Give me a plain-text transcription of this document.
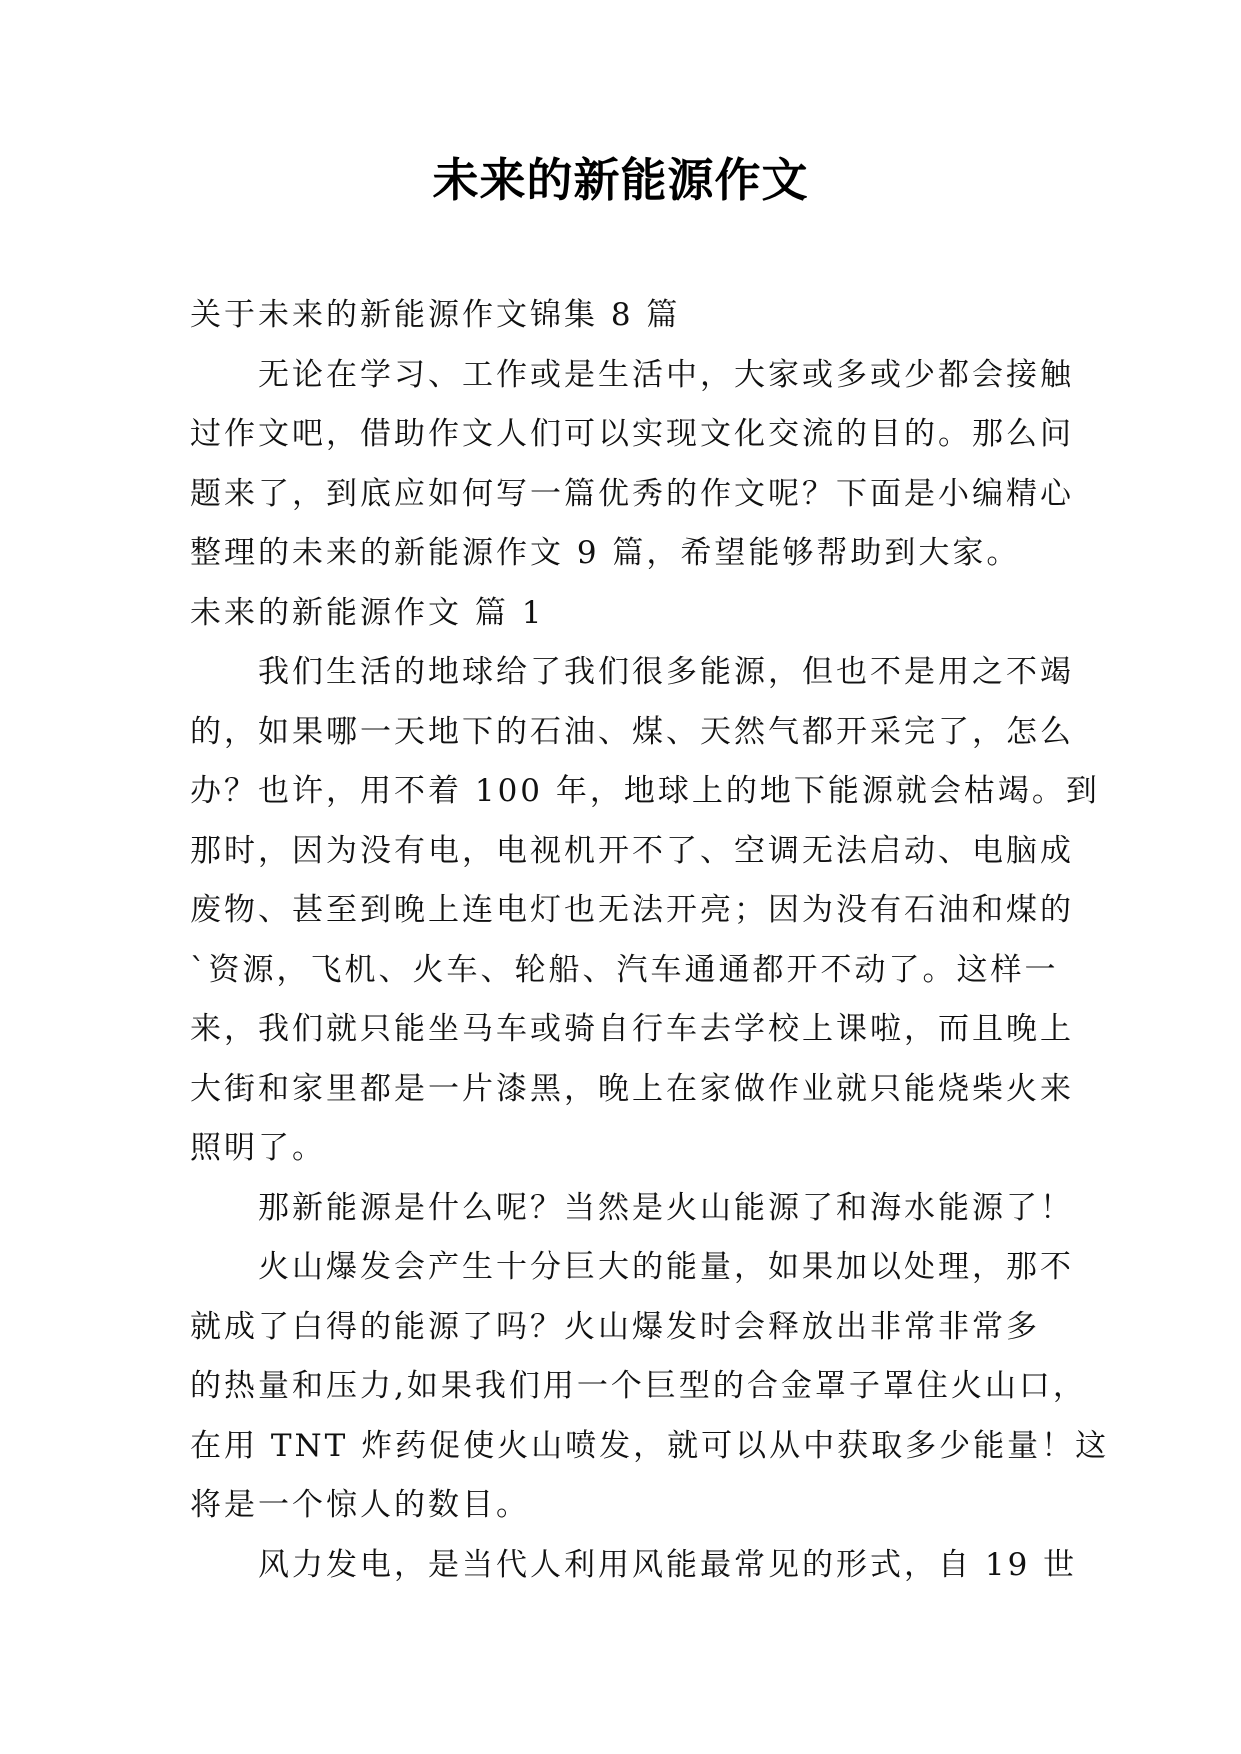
未来的新能源作文
关于未来的新能源作文锦集 8 篇
无论在学习、工作或是生活中，大家或多或少都会接触
过作文吧，借助作文人们可以实现文化交流的目的。那么问
题来了，到底应如何写一篇优秀的作文呢？下面是小编精心
整理的未来的新能源作文 9 篇，希望能够帮助到大家。
未来的新能源作文 篇 1
我们生活的地球给了我们很多能源，但也不是用之不竭
的，如果哪一天地下的石油、煤、天然气都开采完了，怎么
办？也许，用不着 100 年，地球上的地下能源就会枯竭。到
那时，因为没有电，电视机开不了、空调无法启动、电脑成
废物、甚至到晚上连电灯也无法开亮；因为没有石油和煤的
`资源，飞机、火车、轮船、汽车通通都开不动了。这样一
来，我们就只能坐马车或骑自行车去学校上课啦，而且晚上
大街和家里都是一片漆黑，晚上在家做作业就只能烧柴火来
照明了。
那新能源是什么呢？当然是火山能源了和海水能源了！
火山爆发会产生十分巨大的能量，如果加以处理，那不
就成了白得的能源了吗？火山爆发时会释放出非常非常多
的热量和压力,如果我们用一个巨型的合金罩子罩住火山口，
在用 TNT 炸药促使火山喷发，就可以从中获取多少能量！这
将是一个惊人的数目。
风力发电，是当代人利用风能最常见的形式，自 19 世
